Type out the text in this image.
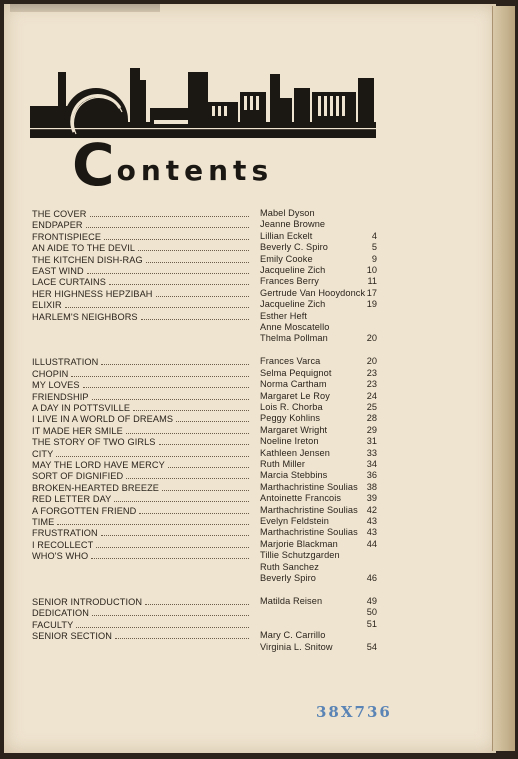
C ontents
THE COVER	Mabel Dyson
ENDPAPER	Jeanne Browne
FRONTISPIECE	Lillian Eckelt	4
AN AIDE TO THE DEVIL	Beverly C. Spiro	5
THE KITCHEN DISH-RAG	Emily Cooke	9
EAST WIND	Jacqueline Zich	10
LACE CURTAINS	Frances Berry	11
HER HIGHNESS HEPZIBAH	Gertrude Van Hooydonck 17
ELIXIR	Jacqueline Zich	19
HARLEM'S NEIGHBORS	Esther Heft
Anne Moscatello
Thelma Pollman	20
ILLUSTRATION	Frances Varca	20
CHOPIN	Selma Pequignot	23
MY LOVES	Norma Cartham	23
FRIENDSHIP	Margaret Le Roy	24
A DAY IN POTTSVILLE	Lois R. Chorba	25
I LIVE IN A WORLD OF DREAMS	Peggy Kohlins	28
IT MADE HER SMILE	Margaret Wright	29
THE STORY OF TWO GIRLS	Noeline Ireton	31
CITY	Kathleen Jensen	33
MAY THE LORD HAVE MERCY	Ruth Miller	34
SORT OF DIGNIFIED	Marcia Stebbins	36
BROKEN-HEARTED BREEZE	Marthachristine Soulias 38
RED LETTER DAY	Antoinette Francois	39
A FORGOTTEN FRIEND	Marthachristine Soulias 42
TIME	Evelyn Feldstein	43
FRUSTRATION	Marthachristine Soulias 43
I RECOLLECT	Marjorie Blackman	44
WHO'S WHO	Tillie Schutzgarden
Ruth Sanchez
Beverly Spiro	46
SENIOR INTRODUCTION	Matilda Reisen	49
DEDICATION	50
FACULTY	51
SENIOR SECTION	Mary C. Carrillo
Virginia L. Snitow	54
38X736
